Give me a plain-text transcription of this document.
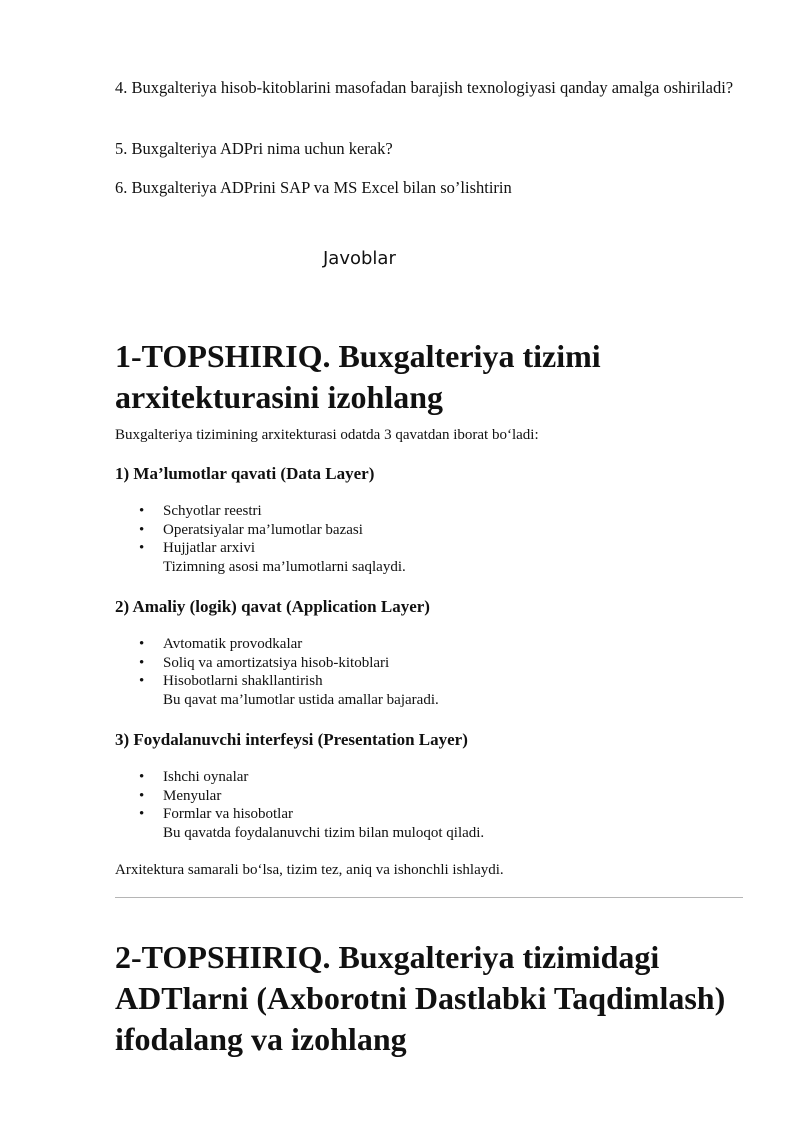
4. Buxgalteriya hisob-kitoblarini masofadan barajish texnologiyasi qanday amalga oshiriladi?

5. Buxgalteriya ADPri nima uchun kerak?

6. Buxgalteriya ADPrini SAP va MS Excel bilan so’lishtirin

Javoblar
1-TOPSHIRIQ. Buxgalteriya tizimi arxitekturasini izohlang

Buxgalteriya tizimining arxitekturasi odatda 3 qavatdan iborat bo‘ladi:

1) Ma’lumotlar qavati (Data Layer)
• Schyotlar reestri
• Operatsiyalar ma’lumotlar bazasi
• Hujjatlar arxivi
Tizimning asosi ma’lumotlarni saqlaydi.
2) Amaliy (logik) qavat (Application Layer)
• Avtomatik provodkalar
• Soliq va amortizatsiya hisob-kitoblari
• Hisobotlarni shakllantirish
Bu qavat ma’lumotlar ustida amallar bajaradi.
3) Foydalanuvchi interfeysi (Presentation Layer)
• Ishchi oynalar
• Menyular
• Formlar va hisobotlar
Bu qavatda foydalanuvchi tizim bilan muloqot qiladi.

Arxitektura samarali bo‘lsa, tizim tez, aniq va ishonchli ishlaydi.

2-TOPSHIRIQ. Buxgalteriya tizimidagi ADTlarni (Axborotni Dastlabki Taqdimlash) ifodalang va izohlang
